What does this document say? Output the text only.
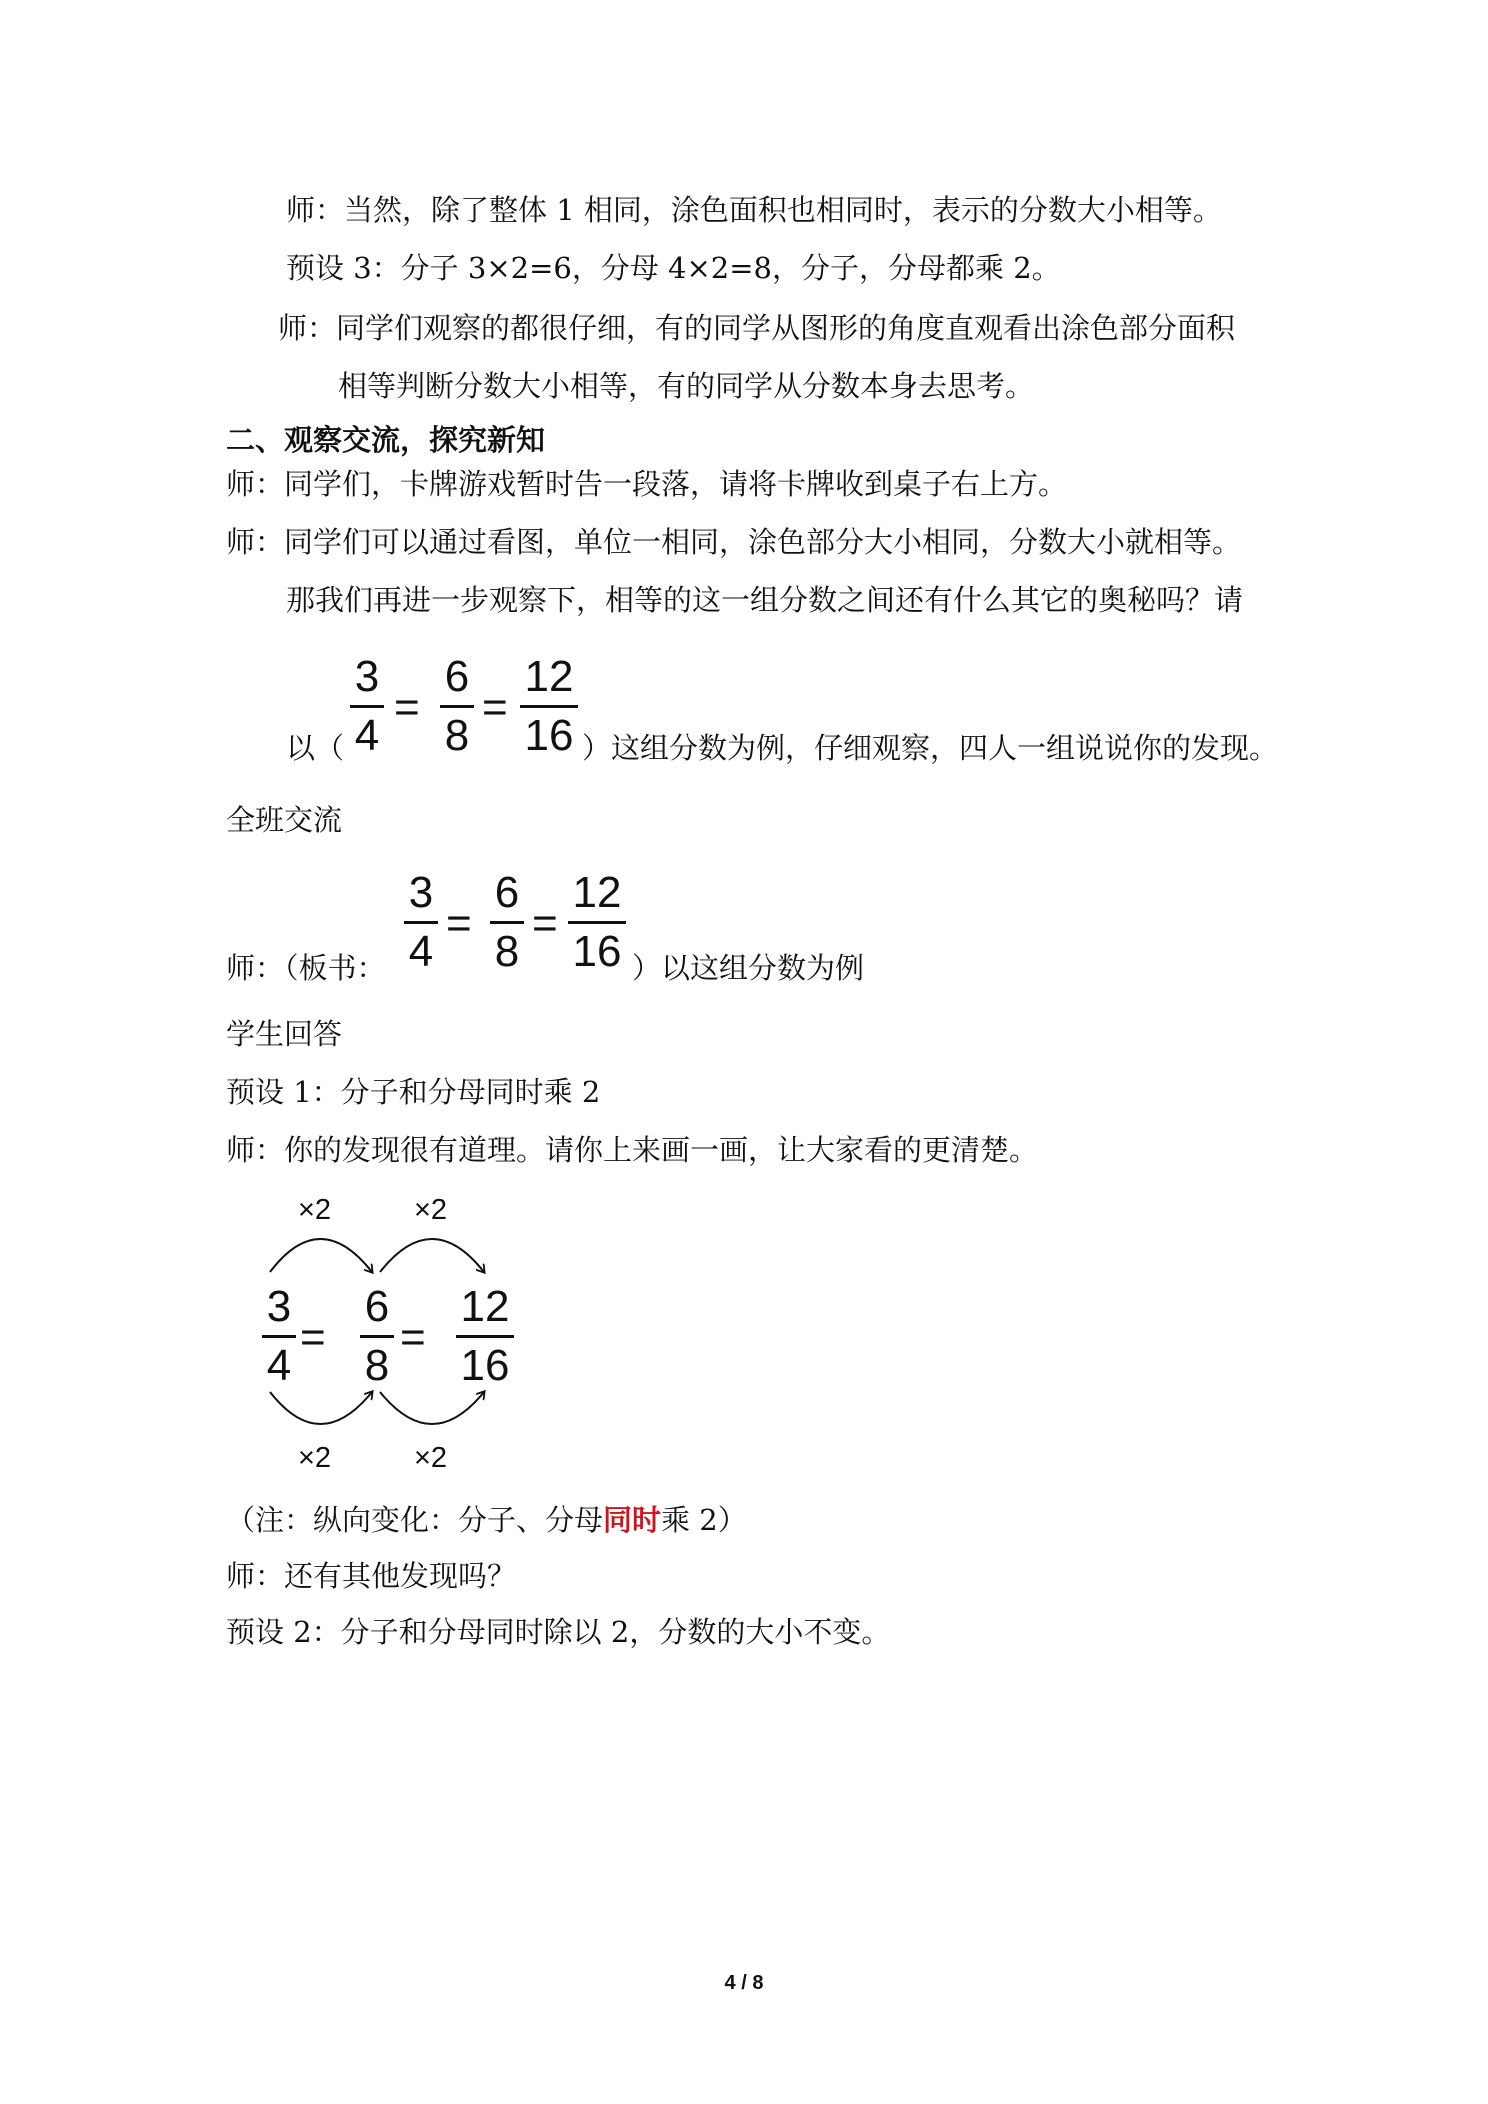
师：当然，除了整体 1 相同，涂色面积也相同时，表示的分数大小相等。
预设 3：分子 3×2=6，分母 4×2=8，分子，分母都乘 2。
师：同学们观察的都很仔细，有的同学从图形的角度直观看出涂色部分面积
相等判断分数大小相等，有的同学从分数本身去思考。
二、观察交流，探究新知
师：同学们，卡牌游戏暂时告一段落，请将卡牌收到桌子右上方。
师：同学们可以通过看图，单位一相同，涂色部分大小相同，分数大小就相等。
那我们再进一步观察下，相等的这一组分数之间还有什么其它的奥秘吗？请
以（
3
4
=
6
8
=
12
16 ）这组分数为例，仔细观察，四人一组说说你的发现。
全班交流
师：（板书：
3
4
=
6
8
=
12
16 ）以这组分数为例
学生回答
预设 1：分子和分母同时乘 2
师：你的发现很有道理。请你上来画一画，让大家看的更清楚。
×2	×2
×2	×2
3
4
=
6
8
=
12
16
（注：纵向变化：分子、分母同时乘 2）
师：还有其他发现吗？
预设 2：分子和分母同时除以 2，分数的大小不变。
4 / 8
